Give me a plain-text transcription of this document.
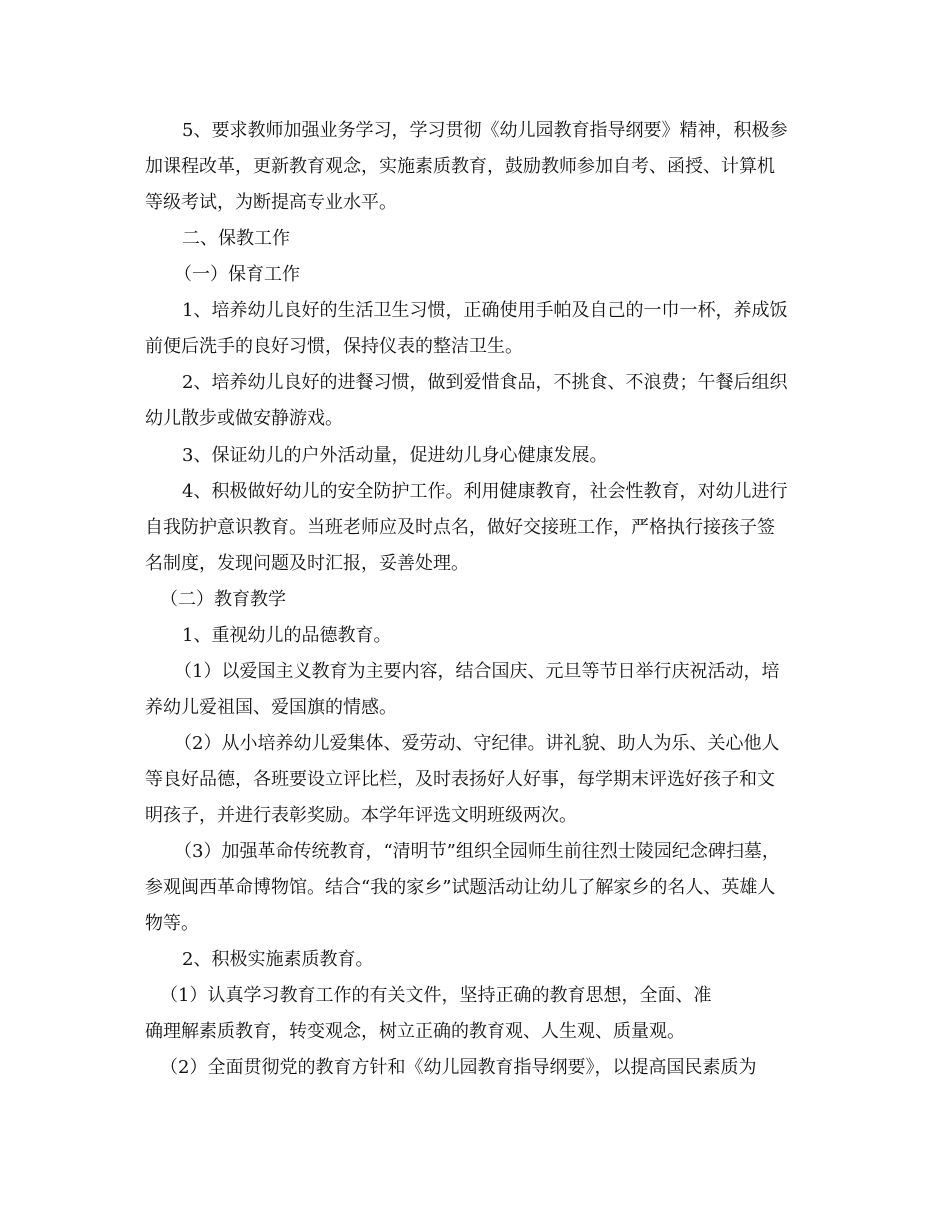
5、要求教师加强业务学习，学习贯彻《幼儿园教育指导纲要》精神，积极参
加课程改革，更新教育观念，实施素质教育，鼓励教师参加自考、函授、计算机
等级考试，为断提高专业水平。
二、保教工作
（一）保育工作
1、培养幼儿良好的生活卫生习惯，正确使用手帕及自己的一巾一杯，养成饭
前便后洗手的良好习惯，保持仪表的整洁卫生。
2、培养幼儿良好的进餐习惯，做到爱惜食品，不挑食、不浪费；午餐后组织
幼儿散步或做安静游戏。
3、保证幼儿的户外活动量，促进幼儿身心健康发展。
4、积极做好幼儿的安全防护工作。利用健康教育，社会性教育，对幼儿进行
自我防护意识教育。当班老师应及时点名，做好交接班工作，严格执行接孩子签
名制度，发现问题及时汇报，妥善处理。
（二）教育教学
1、重视幼儿的品德教育。
（1）以爱国主义教育为主要内容，结合国庆、元旦等节日举行庆祝活动，培
养幼儿爱祖国、爱国旗的情感。
（2）从小培养幼儿爱集体、爱劳动、守纪律。讲礼貌、助人为乐、关心他人
等良好品德，各班要设立评比栏，及时表扬好人好事，每学期末评选好孩子和文
明孩子，并进行表彰奖励。本学年评选文明班级两次。
（3）加强革命传统教育，“清明节”组织全园师生前往烈士陵园纪念碑扫墓，
参观闽西革命博物馆。结合“我的家乡”试题活动让幼儿了解家乡的名人、英雄人
物等。
2、积极实施素质教育。
（1）认真学习教育工作的有关文件，坚持正确的教育思想，全面、准
确理解素质教育，转变观念，树立正确的教育观、人生观、质量观。
（2）全面贯彻党的教育方针和《幼儿园教育指导纲要》，以提高国民素质为
